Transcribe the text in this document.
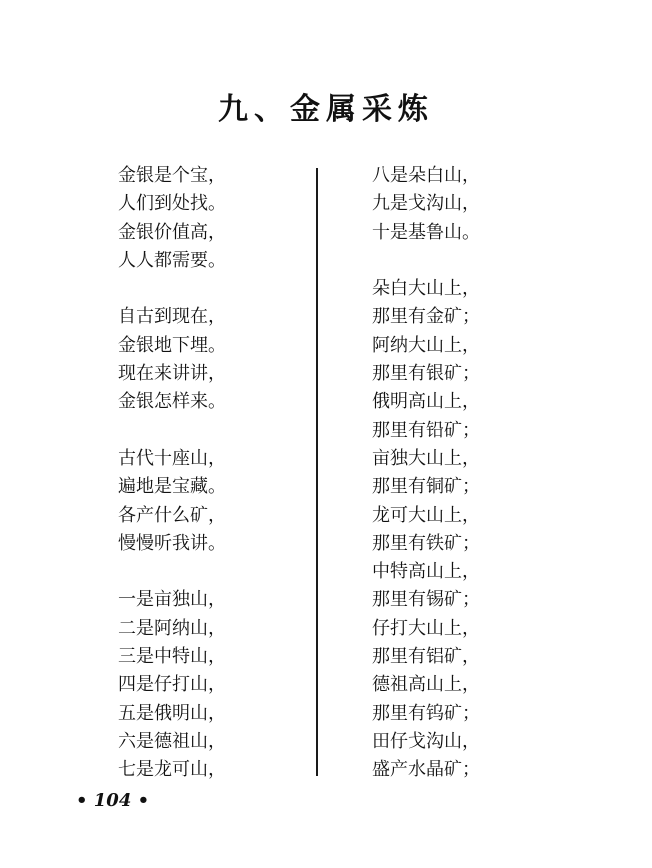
九、金属采炼
金银是个宝，
人们到处找。
金银价值高，
人人都需要。
自古到现在，
金银地下埋。
现在来讲讲，
金银怎样来。
古代十座山，
遍地是宝藏。
各产什么矿，
慢慢听我讲。
一是亩独山，
二是阿纳山，
三是中特山，
四是仔打山，
五是俄明山，
六是德祖山，
七是龙可山，
八是朵白山，
九是戈沟山，
十是基鲁山。
朵白大山上，
那里有金矿；
阿纳大山上，
那里有银矿；
俄明高山上，
那里有铅矿；
亩独大山上，
那里有铜矿；
龙可大山上，
那里有铁矿；
中特高山上，
那里有锡矿；
仔打大山上，
那里有铝矿，
德祖高山上，
那里有钨矿；
田仔戈沟山，
盛产水晶矿；
• 104 •
